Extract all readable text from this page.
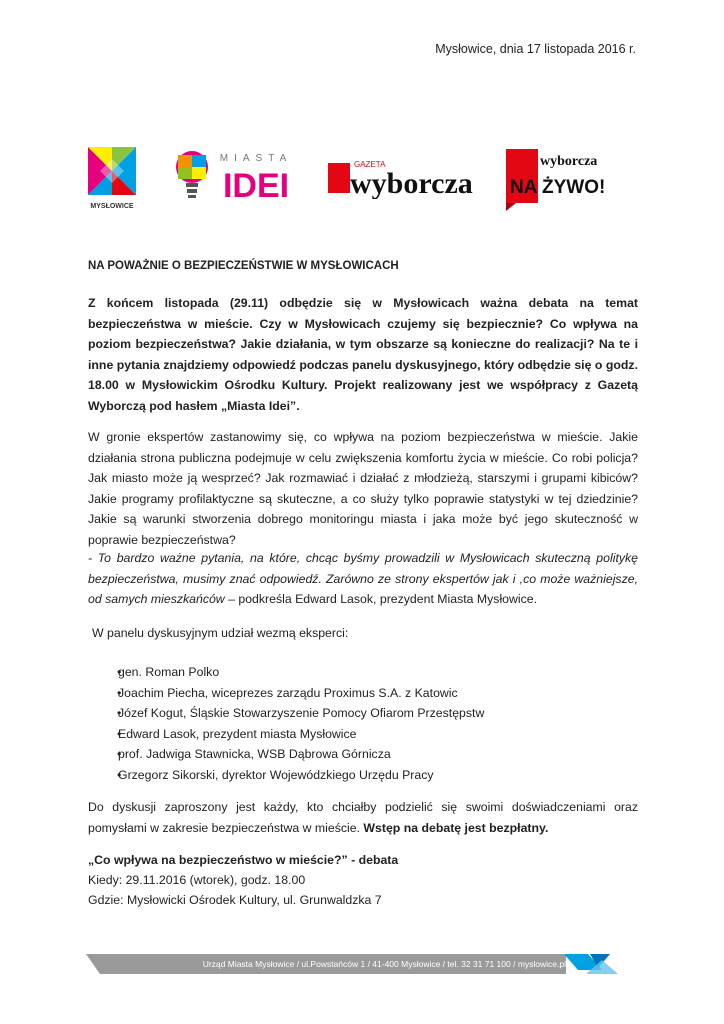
Mysłowice, dnia 17 listopada 2016 r.
MYSŁOWICE
MIASTA
IDEI
GAZETA
wyborcza
wyborcza
NA ŻYWO!
NA POWAŻNIE O BEZPIECZEŃSTWIE W MYSŁOWICACH
Z końcem listopada (29.11) odbędzie się w Mysłowicach ważna debata na temat bezpieczeństwa w mieście. Czy w Mysłowicach czujemy się bezpiecznie? Co wpływa na poziom bezpieczeństwa? Jakie działania, w tym obszarze są konieczne do realizacji? Na te i inne pytania znajdziemy odpowiedź podczas panelu dyskusyjnego, który odbędzie się o godz. 18.00 w Mysłowickim Ośrodku Kultury. Projekt realizowany jest we współpracy z Gazetą Wyborczą pod hasłem „Miasta Idei”.
W gronie ekspertów zastanowimy się, co wpływa na poziom bezpieczeństwa w mieście. Jakie działania strona publiczna podejmuje w celu zwiększenia komfortu życia w mieście. Co robi policja? Jak miasto może ją wesprzeć? Jak rozmawiać i działać z młodzieżą, starszymi i grupami kibiców? Jakie programy profilaktyczne są skuteczne, a co służy tylko poprawie statystyki w tej dziedzinie? Jakie są warunki stworzenia dobrego monitoringu miasta i jaka może być jego skuteczność w poprawie bezpieczeństwa?
- To bardzo ważne pytania, na które, chcąc byśmy prowadzili w Mysłowicach skuteczną politykę bezpieczeństwa, musimy znać odpowiedź. Zarówno ze strony ekspertów jak i ,co może ważniejsze, od samych mieszkańców – podkreśla Edward Lasok, prezydent Miasta Mysłowice.
W panelu dyskusyjnym udział wezmą eksperci:
• gen. Roman Polko
• Joachim Piecha, wiceprezes zarządu Proximus S.A. z Katowic
• Józef Kogut, Śląskie Stowarzyszenie Pomocy Ofiarom Przestępstw
• Edward Lasok, prezydent miasta Mysłowice
• prof. Jadwiga Stawnicka, WSB Dąbrowa Górnicza
• Grzegorz Sikorski, dyrektor Wojewódzkiego Urzędu Pracy
Do dyskusji zaproszony jest każdy, kto chciałby podzielić się swoimi doświadczeniami oraz pomysłami w zakresie bezpieczeństwa w mieście. Wstęp na debatę jest bezpłatny.
„Co wpływa na bezpieczeństwo w mieście?” - debata
Kiedy: 29.11.2016 (wtorek), godz. 18.00
Gdzie: Mysłowicki Ośrodek Kultury, ul. Grunwaldzka 7
Urząd Miasta Mysłowice / ul.Powstańców 1 / 41-400 Mysłowice / tel. 32 31 71 100 / myslowice.pl
